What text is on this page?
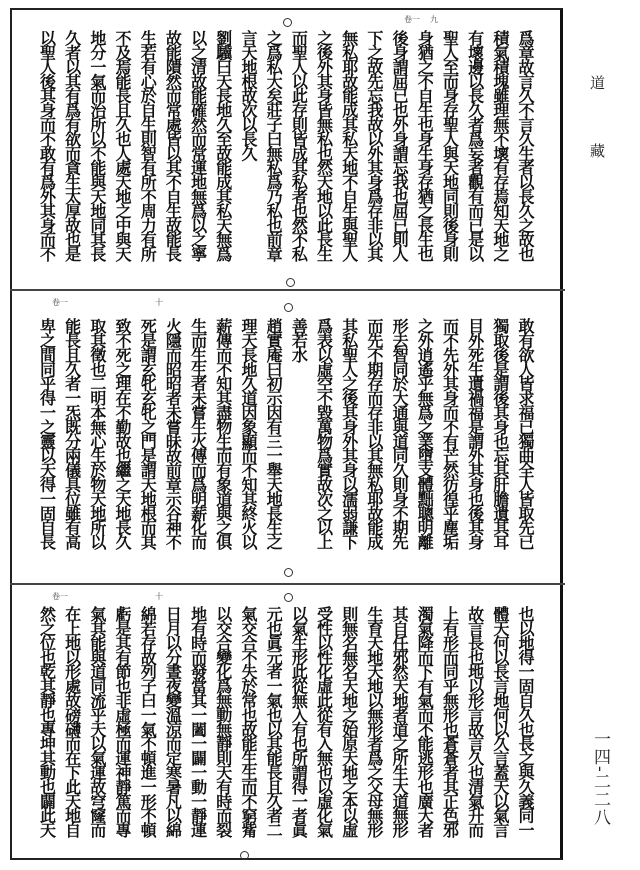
爲章故言久不言久生者以長久之故也
積氣積塊雖理無不壞有存焉知天地之
有壞邊以長久者爲妄者觀有而已是以
聖人至而身存聖人與天地同則後身則
身猶之不自生也身生身存猶之長生也
後身謂屈已也外身謂忘我也屈已則人
下之故先忘我故以外其身爲存非以其
無私耶故能成其私天地不自生與聖人
之後外其身皆無私也然天地以此長生
而聖人以此存則皆成其私者也然不私
之爲私大矣莊子曰無私爲乃私也前章
言天地根故次以長久
劉驥曰天長地久至故能成其私天無爲
以之清故能確然而常運地無爲以之寧
故能隤然而常處皆以其不自生故能長
生若有心於自生則智有所不周力有所
不及焉能長且久也人處天地之中與天
地分一氣而治所以不能與天地同其長
久者以其有爲有欲而貪生太厚故也是
以聖人後其身而不敢有爲外其身而不
敢有欲人皆求福已獨曲全人皆取先已
獨取後是謂後其身也忘其肝膽遺其耳
目外死生遺禍福是謂外其身也後其身
而不先外其身而不有芒然彷徨乎塵垢
之外逍遙乎無爲之業墮支體黜聰明離
形去智同於大通與道同久則身不期先
而先不期存而存非以其無私耶故能成
其私聖人之後其身外其身以濡弱謙下
爲表以虛空不毀萬物爲實故次之以上
善若水
趙實庵曰初示因有三一舉天地長生之
理天長地久道因象顯而不知其終火以
薪傳而不知其盡物生而有象道與之俱
生而生生者未嘗生火傳而爲明薪化而
火隱而昭昭者未嘗昧故前章示谷神不
死是謂玄牝玄牝之門是謂天地根而其
致不死之理在不勤故也繼之天地長久
取其徵也二明本無心生於物天地所以
能長且久者一炁既分兩儀具位雖有高
卑之間同乎得一之靈以天得一固自長
也以地得一固自久也長之與久義同一
體天何以長言地何以久言蓋天以氣言
故言長也地以形言故言久也清氣升而
上有形而同乎無形也蒼蒼者其正色邪
濁氣降而下有氣而不能逃形也廣大者
其自任邪然天地者道之所生大道無形
生育天地天地以無形者爲之父母無形
則無名無名天地之始原天地之本以虛
受性以性化虛此從有入無也以虛化氣
以氣生形此從無入有也所謂得一者眞
元也眞元者一氣也以其能長且久者二
氣交合不失於常也故能生生而不窮觜
以交合變化爲無動無靜則天有時而裂
地有時而發當其一闔一闢一動一靜運
日月以分晝夜變溫涼而定寒暑凡以綿
綿若存故列子曰一氣不頓進一形不頓
虧是其有節也非虛極而運神靜篤而專
氣其能與道同流乎天以氣運故穹窿而
在上地以形處故磅礴而在下此天地自
然之位也乾其靜也專坤其動也闢此天
卷一 九
卷一	十
卷一	十
道
藏
一四-二二八
